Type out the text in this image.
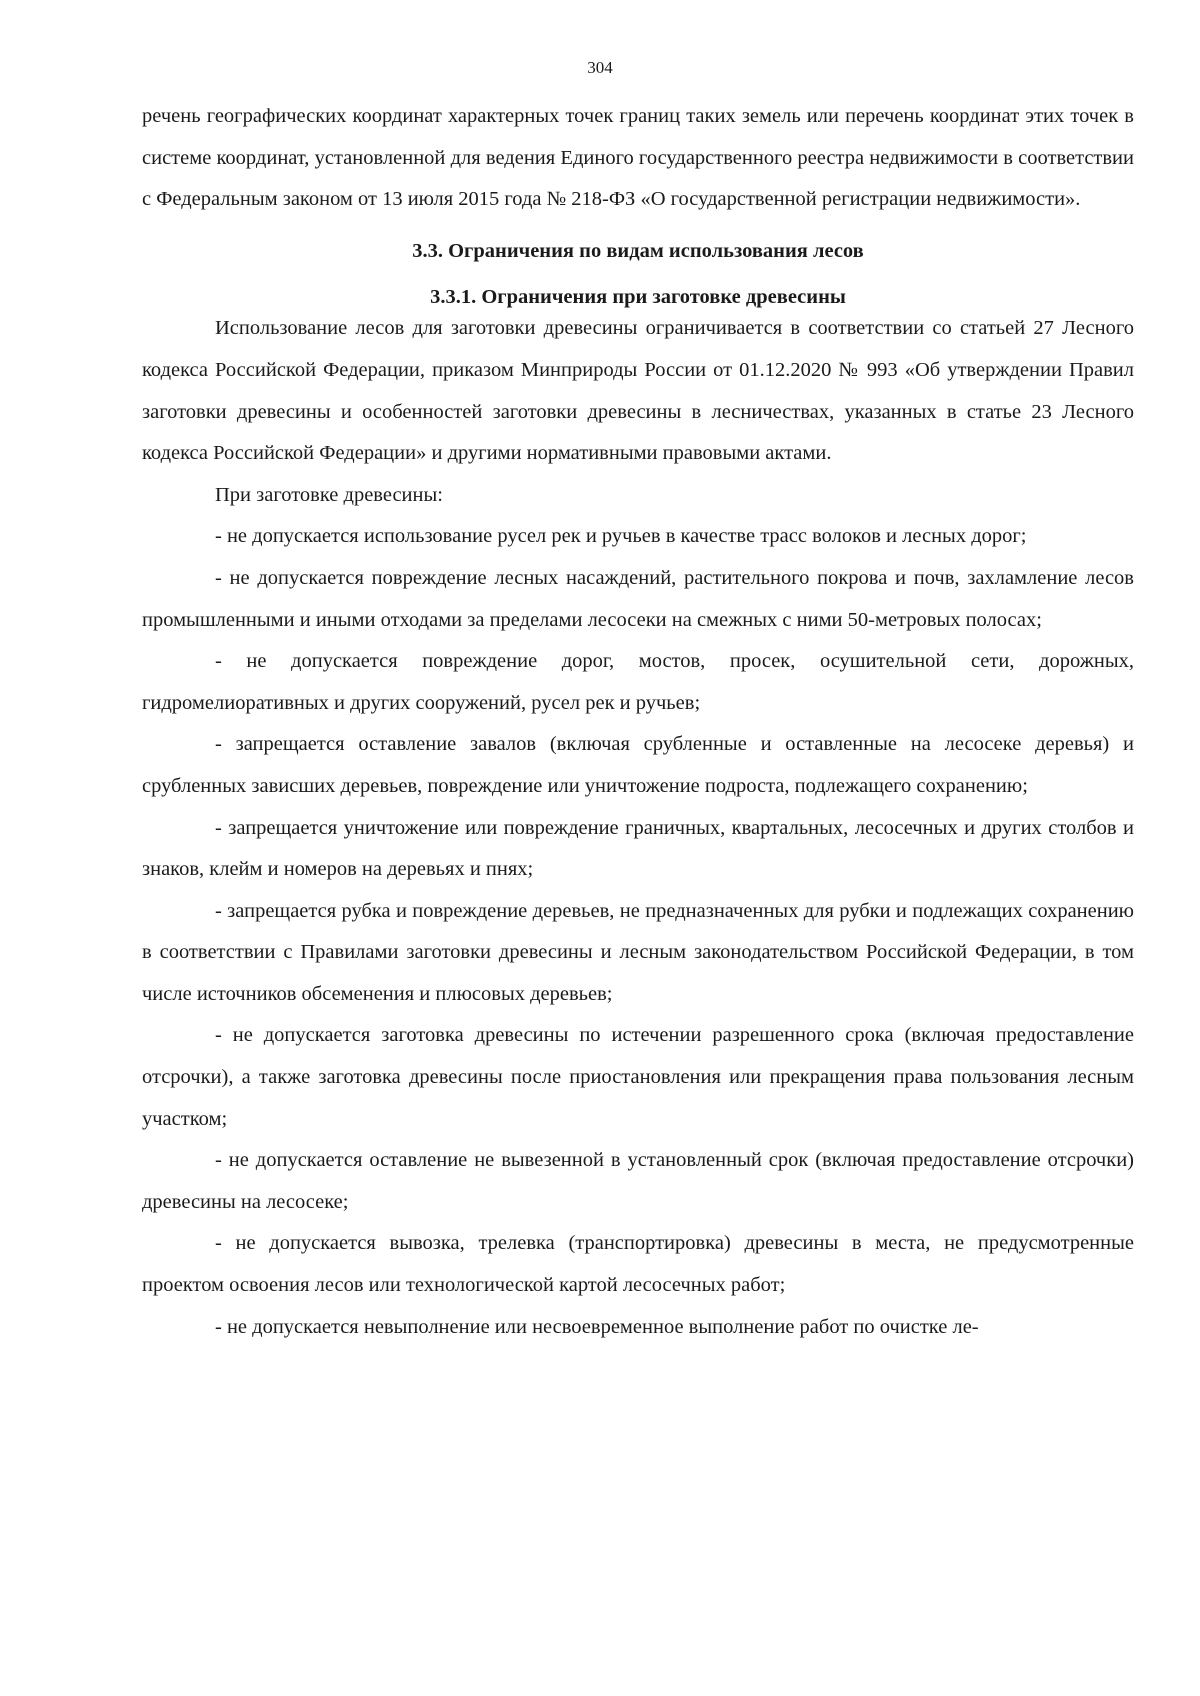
304

речень географических координат характерных точек границ таких земель или перечень координат этих точек в системе координат, установленной для ведения Единого государственного реестра недвижимости в соответствии с Федеральным законом от 13 июля 2015 года № 218-ФЗ «О государственной регистрации недвижимости».

3.3. Ограничения по видам использования лесов
3.3.1. Ограничения при заготовке древесины

Использование лесов для заготовки древесины ограничивается в соответствии со статьей 27 Лесного кодекса Российской Федерации, приказом Минприроды России от 01.12.2020 № 993 «Об утверждении Правил заготовки древесины и особенностей заготовки древесины в лесничествах, указанных в статье 23 Лесного кодекса Российской Федерации» и другими нормативными правовыми актами.

При заготовке древесины:

- не допускается использование русел рек и ручьев в качестве трасс волоков и лесных дорог;

- не допускается повреждение лесных насаждений, растительного покрова и почв, захламление лесов промышленными и иными отходами за пределами лесосеки на смежных с ними 50-метровых полосах;

- не допускается повреждение дорог, мостов, просек, осушительной сети, дорожных, гидромелиоративных и других сооружений, русел рек и ручьев;

- запрещается оставление завалов (включая срубленные и оставленные на лесосеке деревья) и срубленных зависших деревьев, повреждение или уничтожение подроста, подлежащего сохранению;

- запрещается уничтожение или повреждение граничных, квартальных, лесосечных и других столбов и знаков, клейм и номеров на деревьях и пнях;

- запрещается рубка и повреждение деревьев, не предназначенных для рубки и подлежащих сохранению в соответствии с Правилами заготовки древесины и лесным законодательством Российской Федерации, в том числе источников обсеменения и плюсовых деревьев;

- не допускается заготовка древесины по истечении разрешенного срока (включая предоставление отсрочки), а также заготовка древесины после приостановления или прекращения права пользования лесным участком;

- не допускается оставление не вывезенной в установленный срок (включая предоставление отсрочки) древесины на лесосеке;

- не допускается вывозка, трелевка (транспортировка) древесины в места, не предусмотренные проектом освоения лесов или технологической картой лесосечных работ;

- не допускается невыполнение или несвоевременное выполнение работ по очистке ле-
